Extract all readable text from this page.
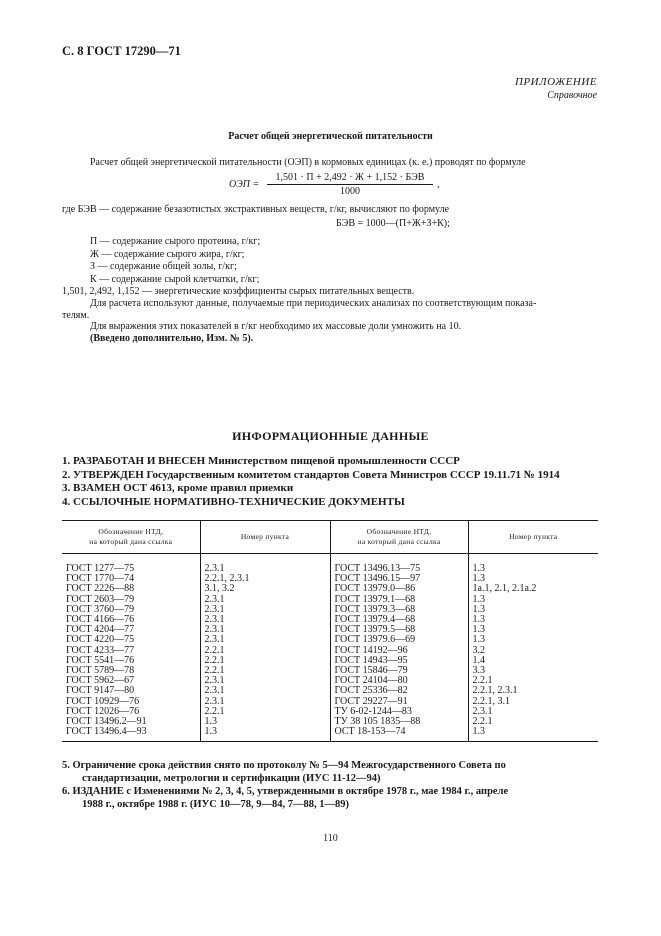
С. 8 ГОСТ 17290—71
ПРИЛОЖЕНИЕ
Справочное
Расчет общей энергетической питательности
Расчет общей энергетической питательности (ОЭП) в кормовых единицах (к. е.) проводят по формуле
ОЭП =
1,501 · П + 2,492 · Ж + 1,152 · БЭВ
1000
,
где БЭВ — содержание безазотистых экстрактивных веществ, г/кг, вычисляют по формуле
БЭВ = 1000—(П+Ж+З+К);
П — содержание сырого протеина, г/кг;
Ж — содержание сырого жира, г/кг;
З — содержание общей золы, г/кг;
К — содержание сырой клетчатки, г/кг;
1,501, 2,492, 1,152 — энергетические коэффициенты сырых питательных веществ.
Для расчета используют данные, получаемые при периодических анализах по соответствующим показа-
телям.
Для выражения этих показателей в г/кг необходимо их массовые доли умножить на 10.
(Введено дополнительно, Изм. № 5).
ИНФОРМАЦИОННЫЕ ДАННЫЕ
1. РАЗРАБОТАН И ВНЕСЕН Министерством пищевой промышленности СССР
2. УТВЕРЖДЕН Государственным комитетом стандартов Совета Министров СССР 19.11.71 № 1914
3. ВЗАМЕН ОСТ 4613, кроме правил приемки
4. ССЫЛОЧНЫЕ НОРМАТИВНО-ТЕХНИЧЕСКИЕ ДОКУМЕНТЫ
Обозначение НТД,
на который дана ссылка	Номер пункта	Обозначение НТД,
на который дана ссылка	Номер пункта

ГОСТ 1277—75	2.3.1	ГОСТ 13496.13—75	1.3
ГОСТ 1770—74	2.2.1, 2.3.1	ГОСТ 13496.15—97	1.3
ГОСТ 2226—88	3.1, 3.2	ГОСТ 13979.0—86	1a.1, 2.1, 2.1a.2
ГОСТ 2603—79	2.3.1	ГОСТ 13979.1—68	1.3
ГОСТ 3760—79	2.3.1	ГОСТ 13979.3—68	1.3
ГОСТ 4166—76	2.3.1	ГОСТ 13979.4—68	1.3
ГОСТ 4204—77	2.3.1	ГОСТ 13979.5—68	1.3
ГОСТ 4220—75	2.3.1	ГОСТ 13979.6—69	1.3
ГОСТ 4233—77	2.2.1	ГОСТ 14192—96	3.2
ГОСТ 5541—76	2.2.1	ГОСТ 14943—95	1.4
ГОСТ 5789—78	2.2.1	ГОСТ 15846—79	3.3
ГОСТ 5962—67	2.3.1	ГОСТ 24104—80	2.2.1
ГОСТ 9147—80	2.3.1	ГОСТ 25336—82	2.2.1, 2.3.1
ГОСТ 10929—76	2.3.1	ГОСТ 29227—91	2.2.1, 3.1
ГОСТ 12026—76	2.2.1	ТУ 6-02-1244—83	2.3.1
ГОСТ 13496.2—91	1.3	ТУ 38 105 1835—88	2.2.1
ГОСТ 13496.4—93	1.3	ОСТ 18-153—74	1.3

5. Ограничение срока действия снято по протоколу № 5—94 Межгосударственного Совета по
стандартизации, метрологии и сертификации (ИУС 11-12—94)
6. ИЗДАНИЕ с Изменениями № 2, 3, 4, 5, утвержденными в октябре 1978 г., мае 1984 г., апреле
1988 г., октябре 1988 г. (ИУС 10—78, 9—84, 7—88, 1—89)
110
